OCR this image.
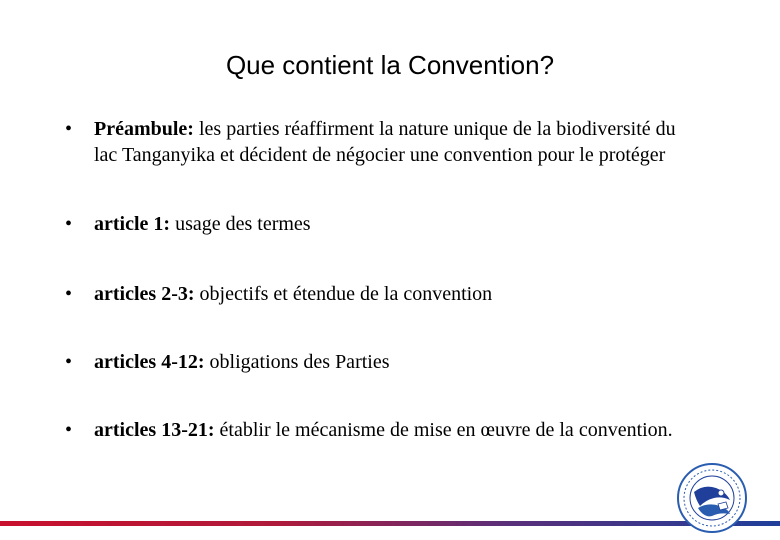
Que contient la Convention?
• Préambule: les parties réaffirment la nature unique de la biodiversité du lac Tanganyika et décident de négocier une convention pour le protéger
• article 1: usage des termes
• articles 2-3: objectifs et étendue de la convention
• articles 4-12: obligations des Parties
• articles 13-21: établir le mécanisme de mise en œuvre de la convention.
